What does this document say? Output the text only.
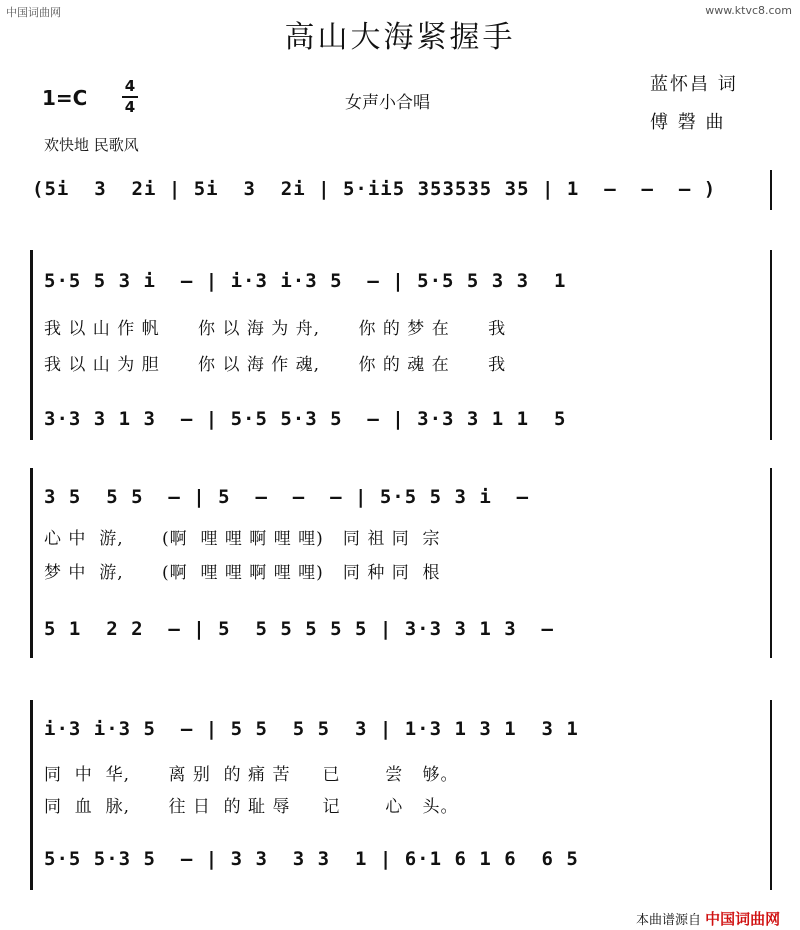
中国词曲网	www.ktvc8.com
高山大海紧握手
1=C 4
4	女声小合唱
蓝怀昌 词
傅 磬 曲
欢快地 民歌风
(5i  3  2i | 5i  3  2i | 5·ii5 353535 35 | 1  –  –  – )
5·5 5 3 i  – | i·3 i·3 5  – | 5·5 5 3 3  1
我 以 山 作 帆      你 以 海 为 舟,      你 的 梦 在      我
我 以 山 为 胆      你 以 海 作 魂,      你 的 魂 在      我
3·3 3 1 3  – | 5·5 5·3 5  – | 3·3 3 1 1  5
3 5  5 5  – | 5  –  –  – | 5·5 5 3 i  –
心 中  游,      (啊  哩 哩 啊 哩 哩)   同 祖 同  宗
梦 中  游,      (啊  哩 哩 啊 哩 哩)   同 种 同  根
5 1  2 2  – | 5  5 5 5 5 5 | 3·3 3 1 3  –
i·3 i·3 5  – | 5 5  5 5  3 | 1·3 1 3 1  3 1
同  中  华,      离 别  的 痛 苦     已       尝   够。
同  血  脉,      往 日  的 耻 辱     记       心   头。
5·5 5·3 5  – | 3 3  3 3  1 | 6·1 6 1 6  6 5
本曲谱源自 中国词曲网
